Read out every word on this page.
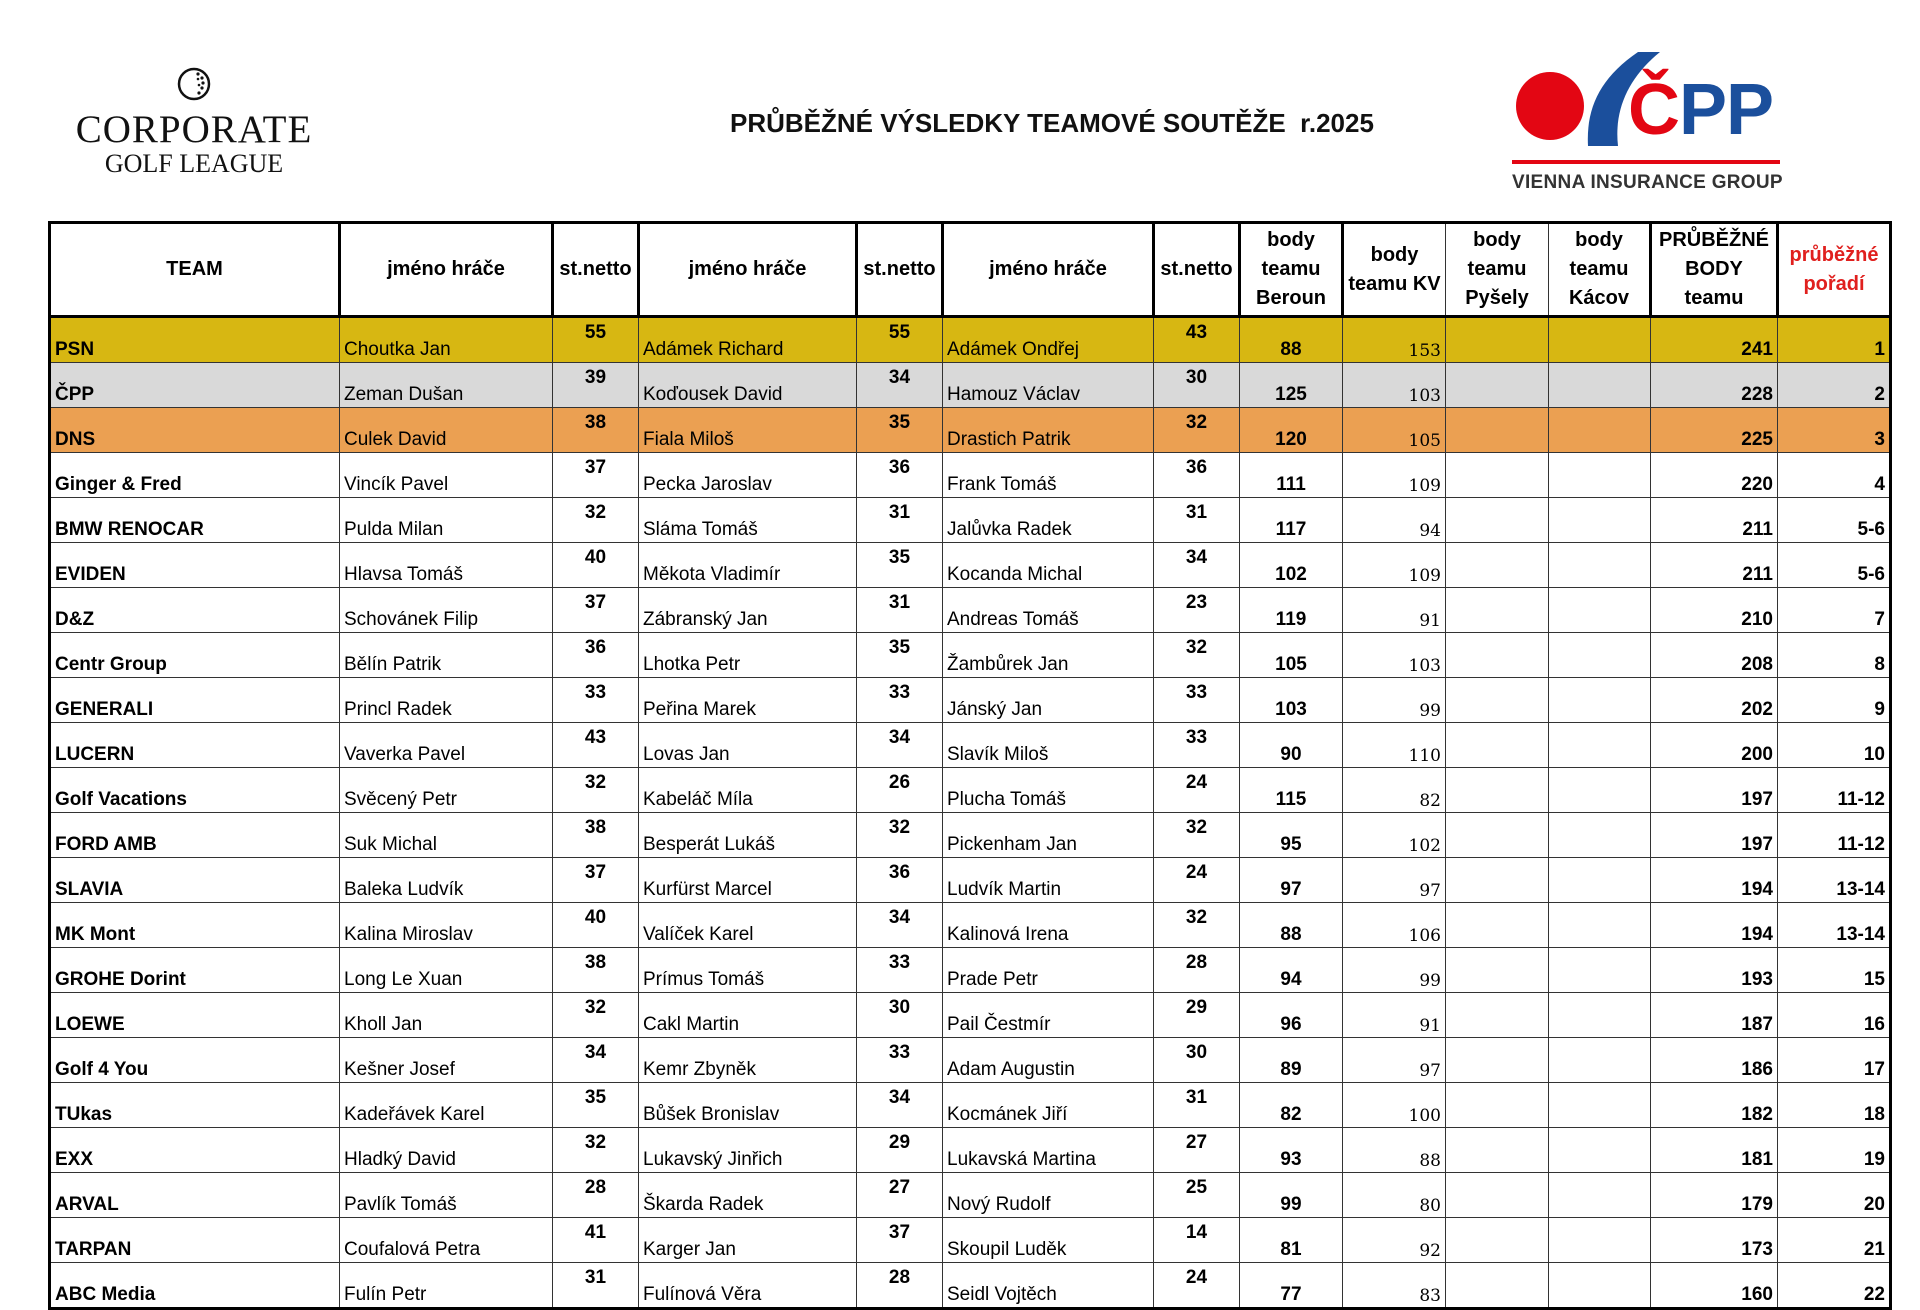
CORPORATE
GOLF LEAGUE
PRŮBĚŽNÉ VÝSLEDKY TEAMOVÉ SOUTĚŽE  r.2025	ČPP
VIENNA INSURANCE GROUP
TEAM	jméno hráče	st.netto	jméno hráče	st.netto	jméno hráče	st.netto	body teamu Beroun	body teamu KV	body teamu Pyšely	body teamu Kácov	PRŮBĚŽNÉ BODY teamu	průběžné pořadí
PSN	Choutka Jan	55	Adámek Richard	55	Adámek Ondřej	43	88	153			241	1
ČPP	Zeman Dušan	39	Koďousek David	34	Hamouz Václav	30	125	103			228	2
DNS	Culek David	38	Fiala Miloš	35	Drastich Patrik	32	120	105			225	3
Ginger & Fred	Vincík Pavel	37	Pecka Jaroslav	36	Frank Tomáš	36	111	109			220	4
BMW RENOCAR	Pulda Milan	32	Sláma Tomáš	31	Jalůvka Radek	31	117	94			211	5-6
EVIDEN	Hlavsa Tomáš	40	Měkota Vladimír	35	Kocanda Michal	34	102	109			211	5-6
D&Z	Schovánek Filip	37	Zábranský Jan	31	Andreas Tomáš	23	119	91			210	7
Centr Group	Bělín Patrik	36	Lhotka Petr	35	Žambůrek Jan	32	105	103			208	8
GENERALI	Princl Radek	33	Peřina Marek	33	Jánský Jan	33	103	99			202	9
LUCERN	Vaverka Pavel	43	Lovas Jan	34	Slavík Miloš	33	90	110			200	10
Golf Vacations	Svěcený Petr	32	Kabeláč Míla	26	Plucha Tomáš	24	115	82			197	11-12
FORD AMB	Suk Michal	38	Besperát Lukáš	32	Pickenham Jan	32	95	102			197	11-12
SLAVIA	Baleka Ludvík	37	Kurfürst Marcel	36	Ludvík Martin	24	97	97			194	13-14
MK Mont	Kalina Miroslav	40	Valíček Karel	34	Kalinová Irena	32	88	106			194	13-14
GROHE Dorint	Long Le Xuan	38	Prímus Tomáš	33	Prade Petr	28	94	99			193	15
LOEWE	Kholl Jan	32	Cakl Martin	30	Pail Čestmír	29	96	91			187	16
Golf 4 You	Kešner Josef	34	Kemr Zbyněk	33	Adam Augustin	30	89	97			186	17
TUkas	Kadeřávek Karel	35	Bůšek Bronislav	34	Kocmánek Jiří	31	82	100			182	18
EXX	Hladký David	32	Lukavský Jinřich	29	Lukavská Martina	27	93	88			181	19
ARVAL	Pavlík Tomáš	28	Škarda Radek	27	Nový Rudolf	25	99	80			179	20
TARPAN	Coufalová Petra	41	Karger Jan	37	Skoupil Luděk	14	81	92			173	21
ABC Media	Fulín Petr	31	Fulínová Věra	28	Seidl Vojtěch	24	77	83			160	22
